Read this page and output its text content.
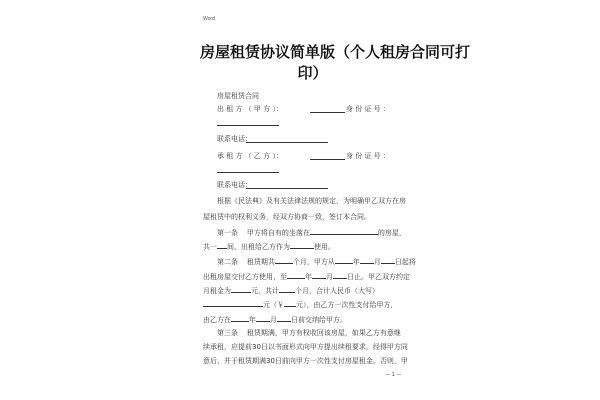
Word
房屋租赁协议简单版（个人租房合同可打
印）
房屋租赁合同
出 租 方 （ 甲 方 ）：	身 份 证 号 ：
联系电话：
承 租 方 （ 乙 方 ）：	身 份 证 号 ：
联系电话：
根据《民法典》及有关法律法规的规定，为明确甲乙双方在房
屋租赁中的权利义务，经双方协商一致，签订本合同。
第一条 甲方将自有的坐落在	的房屋，
共一 间，出租给乙方作为	使用。
第二条 租赁期共	个月，甲方从	年 月 日起将
出租房屋交付乙方使用，至	年 月 日止。甲乙双方约定
月租金为	元，共计 个月，合计人民币（大写）
元（￥ 元），由乙方一次性支付给甲方，
由乙方在	年 月 日前交纳给甲方。
第三条 租赁期满，甲方有权收回该房屋，如果乙方有意继
续承租，应提前30日以书面形式向甲方提出续租要求，经得甲方同
意后，并于租赁期满30日前向甲方一次性支付房屋租金。否则，甲
— 1 —
